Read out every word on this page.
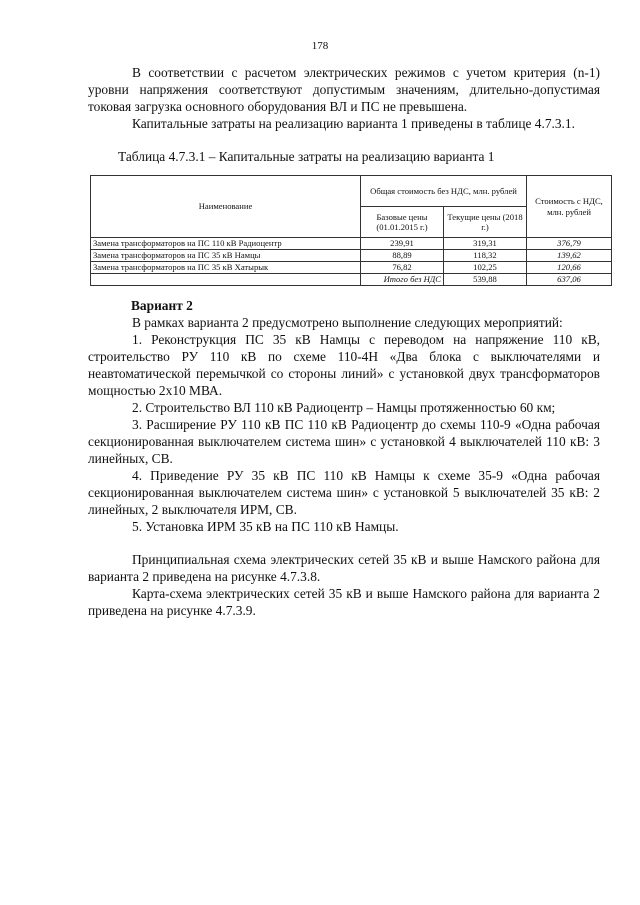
178

В соответствии с расчетом электрических режимов с учетом критерия (n-1) уровни напряжения соответствуют допустимым значениям, длительно-допустимая токовая загрузка основного оборудования ВЛ и ПС не превышена.

Капитальные затраты на реализацию варианта 1 приведены в таблице 4.7.3.1.

Таблица 4.7.3.1 – Капитальные затраты на реализацию варианта 1

Наименование	Общая стоимость без НДС, млн. рублей		Стоимость с НДС, млн. рублей
	Базовые цены (01.01.2015 г.)	Текущие цены (2018 г.)	
Замена трансформаторов на ПС 110 кВ Радиоцентр	239,91	319,31	376,79
Замена трансформаторов на ПС 35 кВ Намцы	88,89	118,32	139,62
Замена трансформаторов на ПС 35 кВ Хатырык	76,82	102,25	120,66
	Итого без НДС	539,88	637,06

Вариант 2

В рамках варианта 2 предусмотрено выполнение следующих мероприятий:

1. Реконструкция ПС 35 кВ Намцы с переводом на напряжение 110 кВ, строительство РУ 110 кВ по схеме 110-4Н «Два блока с выключателями и неавтоматической перемычкой со стороны линий» с установкой двух трансформаторов мощностью 2х10 МВА.

2. Строительство ВЛ 110 кВ Радиоцентр – Намцы протяженностью 60 км;

3. Расширение РУ 110 кВ ПС 110 кВ Радиоцентр до схемы 110-9 «Одна рабочая секционированная выключателем система шин» с установкой 4 выключателей 110 кВ: 3 линейных, СВ.

4. Приведение РУ 35 кВ ПС 110 кВ Намцы к схеме 35-9 «Одна рабочая секционированная выключателем система шин» с установкой 5 выключателей 35 кВ: 2 линейных, 2 выключателя ИРМ, СВ.

5. Установка ИРМ 35 кВ на ПС 110 кВ Намцы.

Принципиальная схема электрических сетей 35 кВ и выше Намского района для варианта 2 приведена на рисунке 4.7.3.8.

Карта-схема электрических сетей 35 кВ и выше Намского района для варианта 2 приведена на рисунке 4.7.3.9.
